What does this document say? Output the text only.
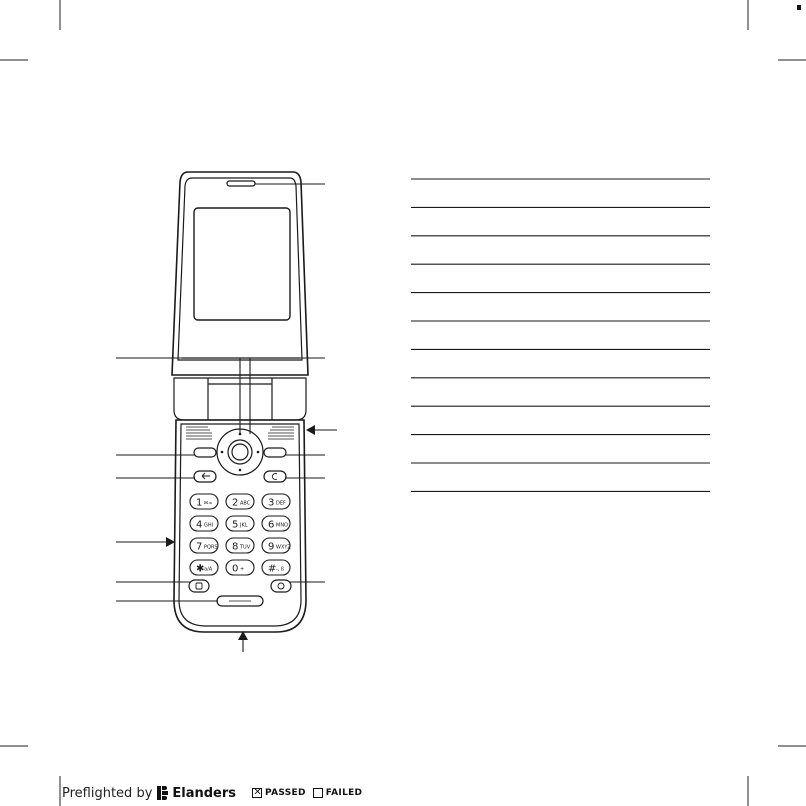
1 ✉∞ 2 ABC 3 DEF
4 GHI 5 JKL 6 MNO
7 PQRS 8 TUV 9 WXYZ
✱ a/A 0 + # -, ß
Preflighted by Elanders ✕ PASSED FAILED
